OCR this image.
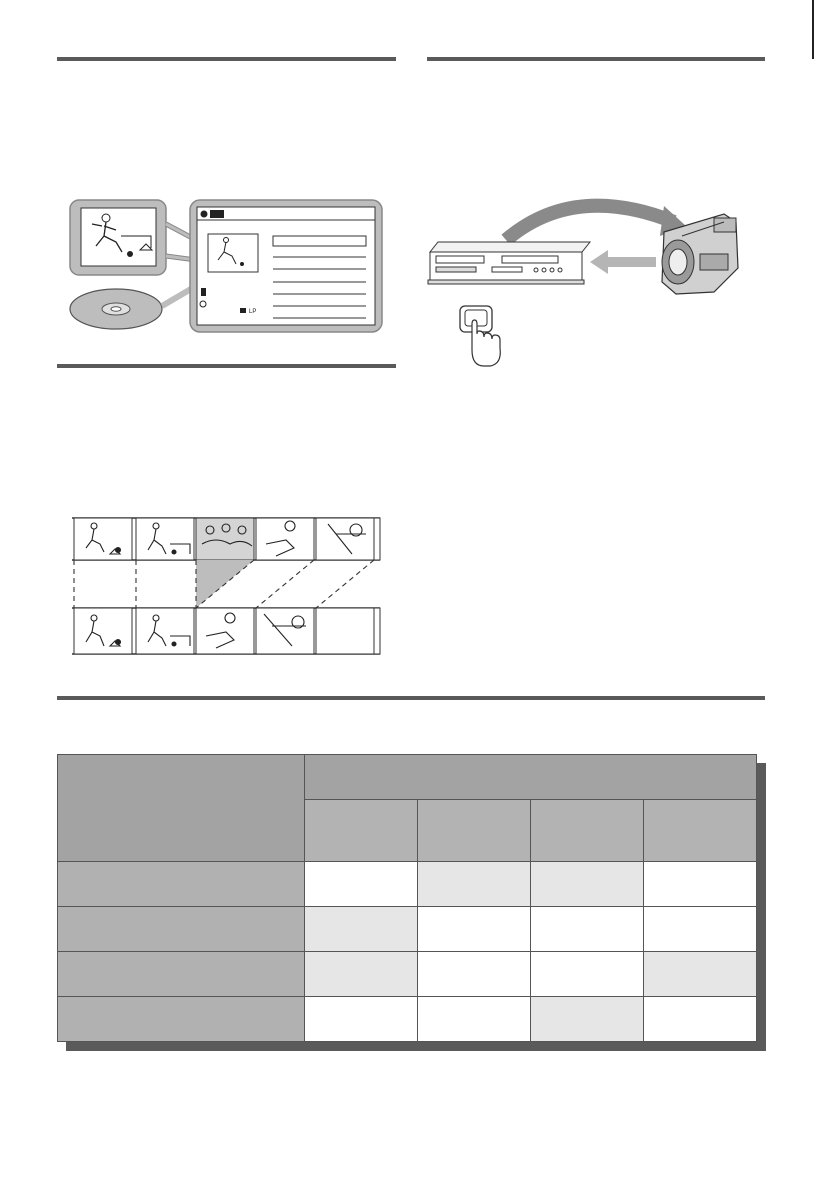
LP
